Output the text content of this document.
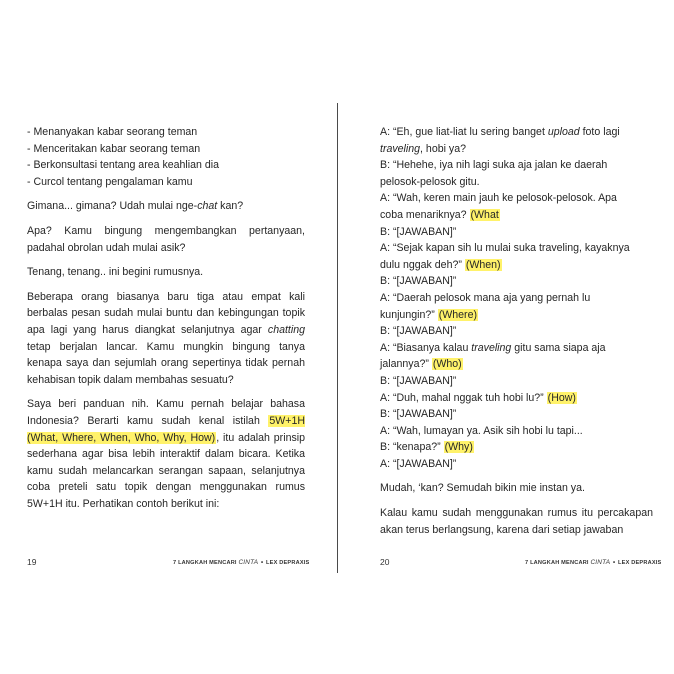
- Menanyakan kabar seorang teman
- Menceritakan kabar seorang teman
- Berkonsultasi tentang area keahlian dia
- Curcol tentang pengalaman kamu

Gimana... gimana? Udah mulai nge-chat kan?

Apa? Kamu bingung mengembangkan pertanyaan, padahal obrolan udah mulai asik?

Tenang, tenang.. ini begini rumusnya.

Beberapa orang biasanya baru tiga atau empat kali berbalas pesan sudah mulai buntu dan kebingungan topik apa lagi yang harus diangkat selanjutnya agar chatting tetap berjalan lancar. Kamu mungkin bingung tanya kenapa saya dan sejumlah orang sepertinya tidak pernah kehabisan topik dalam membahas sesuatu?

Saya beri panduan nih. Kamu pernah belajar bahasa Indonesia? Berarti kamu sudah kenal istilah 5W+1H (What, Where, When, Who, Why, How), itu adalah prinsip sederhana agar bisa lebih interaktif dalam bicara. Ketika kamu sudah melancarkan serangan sapaan, selanjutnya coba preteli satu topik dengan menggunakan rumus 5W+1H itu. Perhatikan contoh berikut ini:

19	7 LANGKAH MENCARI CINTA • LEX DEPRAXIS

A: “Eh, gue liat-liat lu sering banget upload foto lagi
traveling, hobi ya?
B: “Hehehe, iya nih lagi suka aja jalan ke daerah
pelosok-pelosok gitu.
A: “Wah, keren main jauh ke pelosok-pelosok. Apa
coba menariknya? (What
B: “[JAWABAN]”
A: “Sejak kapan sih lu mulai suka traveling, kayaknya
dulu nggak deh?” (When)
B: “[JAWABAN]”
A: “Daerah pelosok mana aja yang pernah lu
kunjungin?” (Where)
B: “[JAWABAN]”
A: “Biasanya kalau traveling gitu sama siapa aja
jalannya?” (Who)
B: “[JAWABAN]”
A: “Duh, mahal nggak tuh hobi lu?” (How)
B: “[JAWABAN]”
A: “Wah, lumayan ya. Asik sih hobi lu tapi...
B: “kenapa?” (Why)
A: “[JAWABAN]”

Mudah, ‘kan? Semudah bikin mie instan ya.

Kalau kamu sudah menggunakan rumus itu percakapan akan terus berlangsung, karena dari setiap jawaban

20	7 LANGKAH MENCARI CINTA • LEX DEPRAXIS
